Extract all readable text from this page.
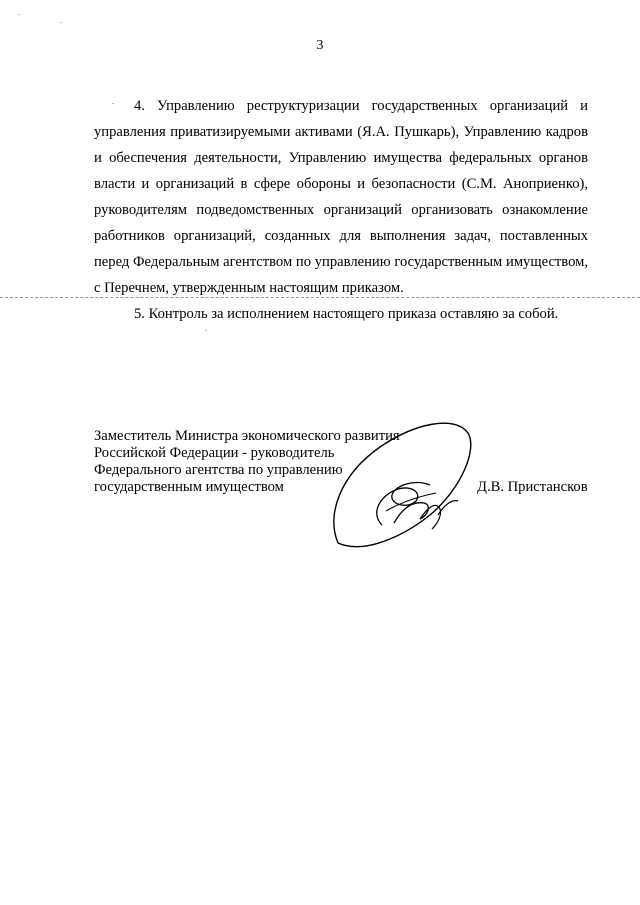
3

4. Управлению реструктуризации государственных организаций и управления приватизируемыми активами (Я.А. Пушкарь), Управлению кадров и обеспечения деятельности, Управлению имущества федеральных органов власти и организаций в сфере обороны и безопасности (С.М. Аноприенко), руководителям подведомственных организаций организовать ознакомление работников организаций, созданных для выполнения задач, поставленных перед Федеральным агентством по управлению государственным имуществом, с Перечнем, утвержденным настоящим приказом.

5. Контроль за исполнением настоящего приказа оставляю за собой.

Заместитель Министра экономического развития
Российской Федерации - руководитель
Федерального агентства по управлению
государственным имуществом	Д.В. Пристансков
